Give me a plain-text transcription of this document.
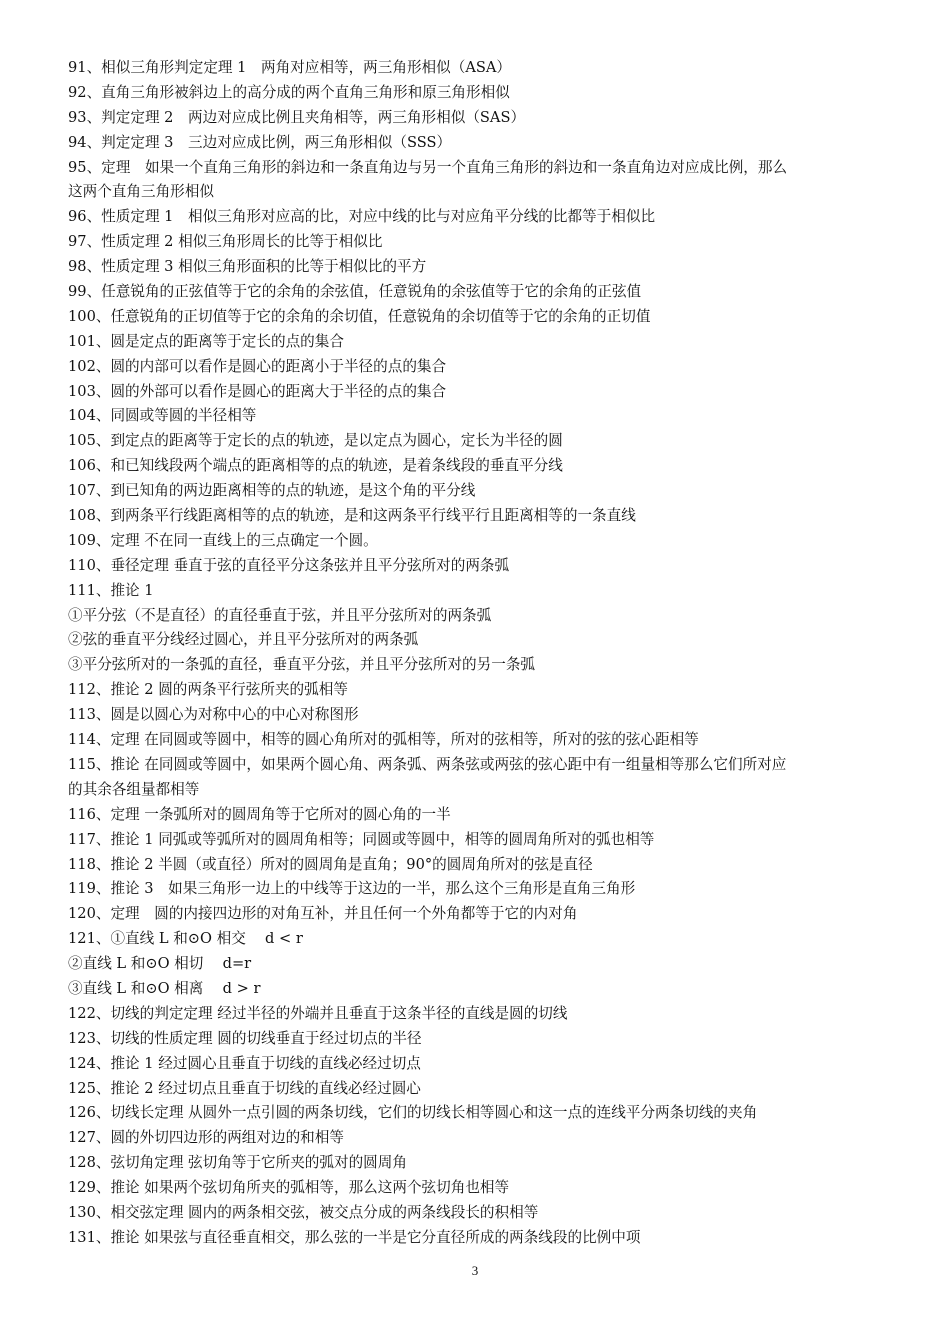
91、相似三角形判定定理 1　两角对应相等，两三角形相似（ASA）
92、直角三角形被斜边上的高分成的两个直角三角形和原三角形相似
93、判定定理 2　两边对应成比例且夹角相等，两三角形相似（SAS）
94、判定定理 3　三边对应成比例，两三角形相似（SSS）
95、定理　如果一个直角三角形的斜边和一条直角边与另一个直角三角形的斜边和一条直角边对应成比例，那么
这两个直角三角形相似
96、性质定理 1　相似三角形对应高的比，对应中线的比与对应角平分线的比都等于相似比
97、性质定理 2 相似三角形周长的比等于相似比
98、性质定理 3 相似三角形面积的比等于相似比的平方
99、任意锐角的正弦值等于它的余角的余弦值，任意锐角的余弦值等于它的余角的正弦值
100、任意锐角的正切值等于它的余角的余切值，任意锐角的余切值等于它的余角的正切值
101、圆是定点的距离等于定长的点的集合
102、圆的内部可以看作是圆心的距离小于半径的点的集合
103、圆的外部可以看作是圆心的距离大于半径的点的集合
104、同圆或等圆的半径相等
105、到定点的距离等于定长的点的轨迹，是以定点为圆心，定长为半径的圆
106、和已知线段两个端点的距离相等的点的轨迹，是着条线段的垂直平分线
107、到已知角的两边距离相等的点的轨迹，是这个角的平分线
108、到两条平行线距离相等的点的轨迹，是和这两条平行线平行且距离相等的一条直线
109、定理 不在同一直线上的三点确定一个圆。
110、垂径定理 垂直于弦的直径平分这条弦并且平分弦所对的两条弧
111、推论 1
①平分弦（不是直径）的直径垂直于弦，并且平分弦所对的两条弧
②弦的垂直平分线经过圆心，并且平分弦所对的两条弧
③平分弦所对的一条弧的直径，垂直平分弦，并且平分弦所对的另一条弧
112、推论 2 圆的两条平行弦所夹的弧相等
113、圆是以圆心为对称中心的中心对称图形
114、定理 在同圆或等圆中，相等的圆心角所对的弧相等，所对的弦相等，所对的弦的弦心距相等
115、推论 在同圆或等圆中，如果两个圆心角、两条弧、两条弦或两弦的弦心距中有一组量相等那么它们所对应
的其余各组量都相等
116、定理 一条弧所对的圆周角等于它所对的圆心角的一半
117、推论 1 同弧或等弧所对的圆周角相等；同圆或等圆中，相等的圆周角所对的弧也相等
118、推论 2 半圆（或直径）所对的圆周角是直角；90°的圆周角所对的弦是直径
119、推论 3　如果三角形一边上的中线等于这边的一半，那么这个三角形是直角三角形
120、定理　圆的内接四边形的对角互补，并且任何一个外角都等于它的内对角
121、①直线 L 和⊙O 相交　 d < r
②直线 L 和⊙O 相切　 d=r
③直线 L 和⊙O 相离　 d > r
122、切线的判定定理 经过半径的外端并且垂直于这条半径的直线是圆的切线
123、切线的性质定理 圆的切线垂直于经过切点的半径
124、推论 1 经过圆心且垂直于切线的直线必经过切点
125、推论 2 经过切点且垂直于切线的直线必经过圆心
126、切线长定理 从圆外一点引圆的两条切线，它们的切线长相等圆心和这一点的连线平分两条切线的夹角
127、圆的外切四边形的两组对边的和相等
128、弦切角定理 弦切角等于它所夹的弧对的圆周角
129、推论 如果两个弦切角所夹的弧相等，那么这两个弦切角也相等
130、相交弦定理 圆内的两条相交弦，被交点分成的两条线段长的积相等
131、推论 如果弦与直径垂直相交，那么弦的一半是它分直径所成的两条线段的比例中项
3
